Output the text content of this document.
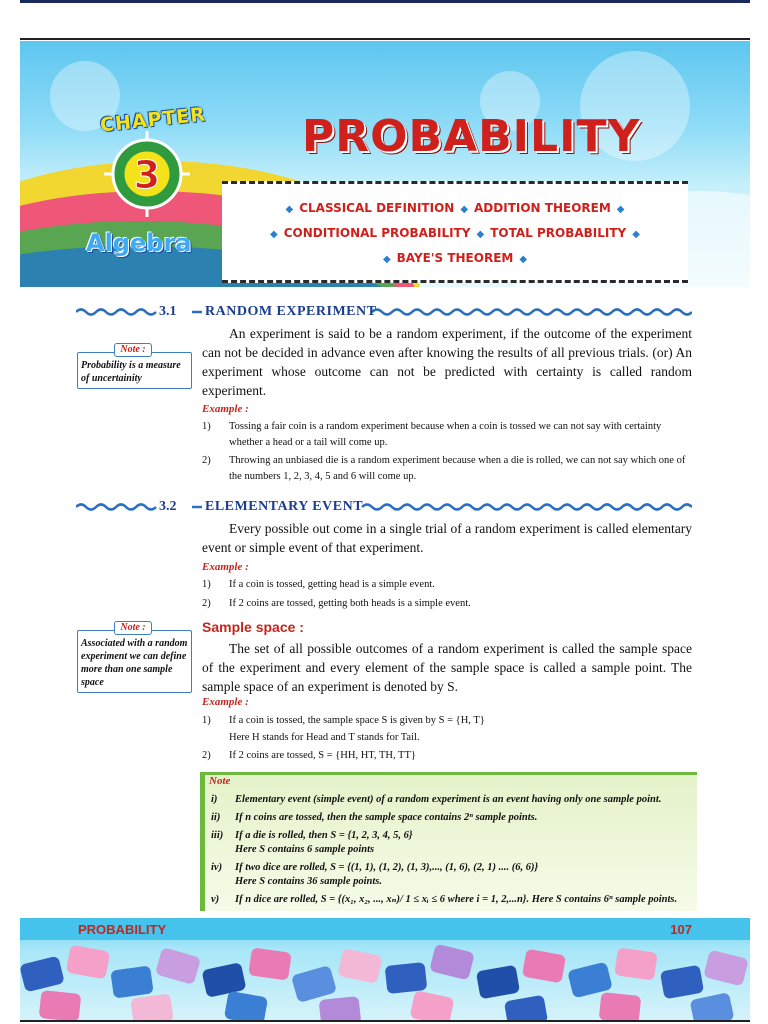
CHAPTER
3
Algebra
PROBABILITY
◆ CLASSICAL DEFINITION ◆ ADDITION THEOREM ◆
◆ CONDITIONAL PROBABILITY ◆ TOTAL PROBABILITY ◆
◆ BAYE'S THEOREM ◆
3.1 RANDOM EXPERIMENT
Note :
Probability is a measure of uncertainity
An experiment is said to be a random experiment, if the outcome of the experiment can not be decided in advance even after knowing the results of all previous trials. (or) An experiment whose outcome can not be predicted with certainty is called random experiment.
Example :
1) Tossing a fair coin is a random experiment because when a coin is tossed we can not say with certainty whether a head or a tail will come up.
2) Throwing an unbiased die is a random experiment because when a die is rolled, we can not say which one of the numbers 1, 2, 3, 4, 5 and 6 will come up.
3.2 ELEMENTARY EVENT
Every possible out come in a single trial of a random experiment is called elementary event or simple event of that experiment.
Example :
1) If a coin is tossed, getting head is a simple event.
2) If 2 coins are tossed, getting both heads is a simple event.
Sample space :
Note :
Associated with a random experiment we can define more than one sample space
The set of all possible outcomes of a random experiment is called the sample space of the experiment and every element of the sample space is called a sample point. The sample space of an experiment is denoted by S.
Example :
1) If a coin is tossed, the sample space S is given by S = {H, T}
Here H stands for Head and T stands for Tail.
2) If 2 coins are tossed, S = {HH, HT, TH, TT}
Note
i) Elementary event (simple event) of a random experiment is an event having only one sample point.
ii) If n coins are tossed, then the sample space contains 2ⁿ sample points.
iii) If a die is rolled, then S = {1, 2, 3, 4, 5, 6}
Here S contains 6 sample points
iv) If two dice are rolled, S = {(1, 1), (1, 2), (1, 3),..., (1, 6), (2, 1) .... (6, 6)}
Here S contains 36 sample points.
v) If n dice are rolled, S = {(x₁, x₂, ..., xₙ)/ 1 ≤ xᵢ ≤ 6 where i = 1, 2,...n}. Here S contains 6ⁿ sample points.
PROBABILITY	107
